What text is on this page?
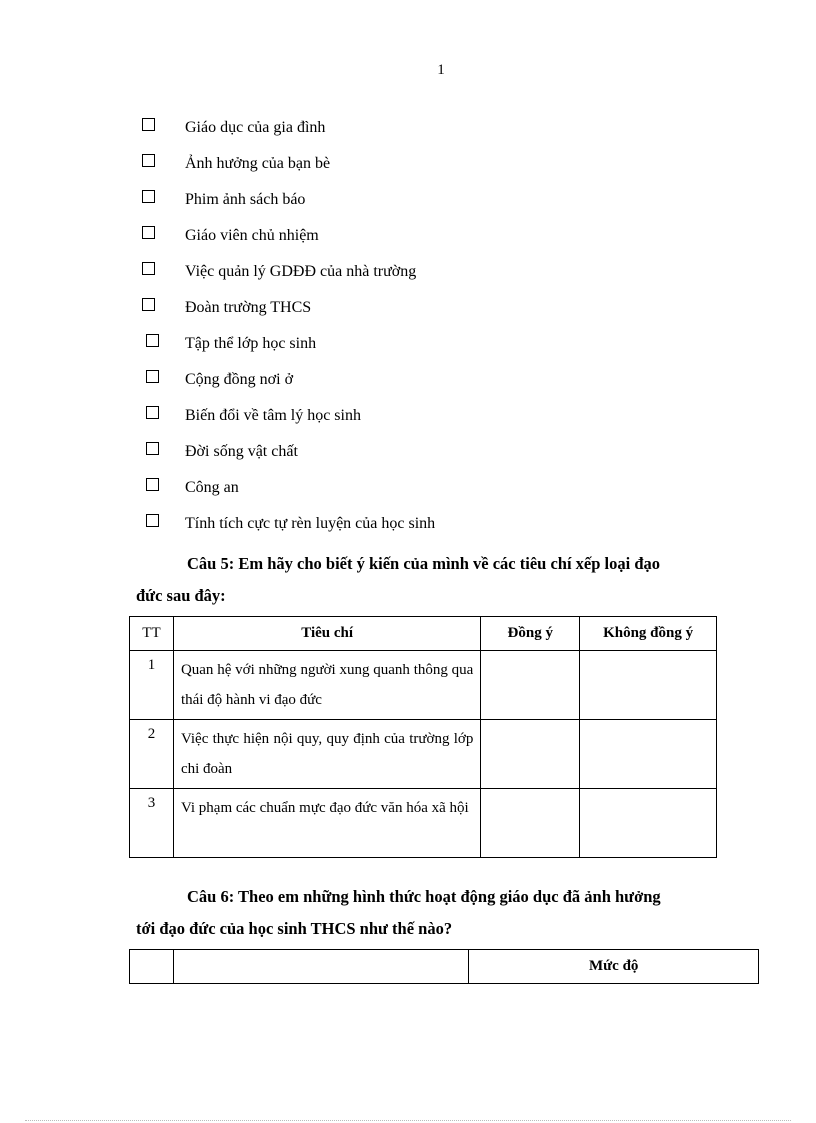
1
Giáo dục của gia đình
Ảnh hưởng của bạn bè
Phim ảnh sách báo
Giáo viên chủ nhiệm
Việc quản lý GDĐĐ của nhà trường
Đoàn trường THCS
Tập thể lớp học sinh
Cộng đồng nơi ở
Biến đổi về tâm lý học sinh
Đời sống vật chất
Công an
Tính tích cực tự rèn luyện của học sinh
Câu 5: Em hãy cho biết ý kiến của mình về các tiêu chí xếp loại đạo
đức sau đây:
TT	Tiêu chí	Đồng ý	Không đồng ý
1	Quan hệ với những người xung quanh thông qua thái độ hành vi đạo đức		
2	Việc thực hiện nội quy, quy định của trường lớp chi đoàn		
3	Vi phạm các chuẩn mực đạo đức văn hóa xã hội		
Câu 6: Theo em những hình thức hoạt động giáo dục đã ảnh hưởng
tới đạo đức của học sinh THCS như thế nào?
		Mức độ
